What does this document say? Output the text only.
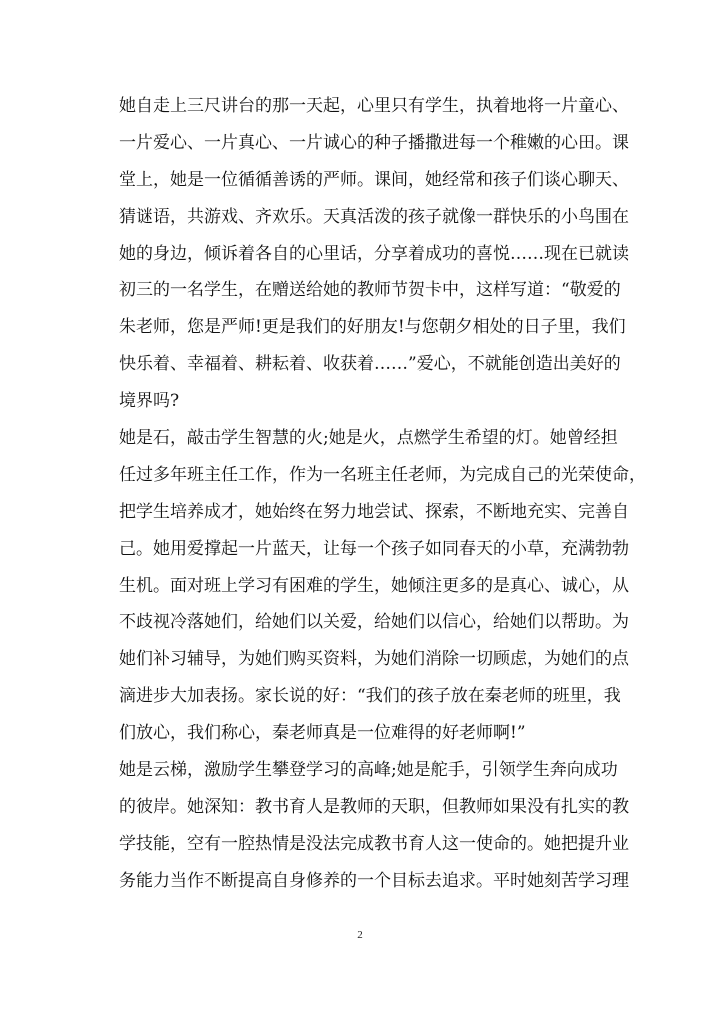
她自走上三尺讲台的那一天起，心里只有学生，执着地将一片童心、
一片爱心、一片真心、一片诚心的种子播撒进每一个稚嫩的心田。课
堂上，她是一位循循善诱的严师。课间，她经常和孩子们谈心聊天、
猜谜语，共游戏、齐欢乐。天真活泼的孩子就像一群快乐的小鸟围在
她的身边，倾诉着各自的心里话，分享着成功的喜悦……现在已就读
初三的一名学生，在赠送给她的教师节贺卡中，这样写道：“敬爱的
朱老师，您是严师!更是我们的好朋友!与您朝夕相处的日子里，我们
快乐着、幸福着、耕耘着、收获着……”爱心，不就能创造出美好的
境界吗?
她是石，敲击学生智慧的火;她是火，点燃学生希望的灯。她曾经担
任过多年班主任工作，作为一名班主任老师，为完成自己的光荣使命，
把学生培养成才，她始终在努力地尝试、探索，不断地充实、完善自
己。她用爱撑起一片蓝天，让每一个孩子如同春天的小草，充满勃勃
生机。面对班上学习有困难的学生，她倾注更多的是真心、诚心，从
不歧视冷落她们，给她们以关爱，给她们以信心，给她们以帮助。为
她们补习辅导，为她们购买资料，为她们消除一切顾虑，为她们的点
滴进步大加表扬。家长说的好：“我们的孩子放在秦老师的班里，我
们放心，我们称心，秦老师真是一位难得的好老师啊!”
她是云梯，激励学生攀登学习的高峰;她是舵手，引领学生奔向成功
的彼岸。她深知：教书育人是教师的天职，但教师如果没有扎实的教
学技能，空有一腔热情是没法完成教书育人这一使命的。她把提升业
务能力当作不断提高自身修养的一个目标去追求。平时她刻苦学习理
2
